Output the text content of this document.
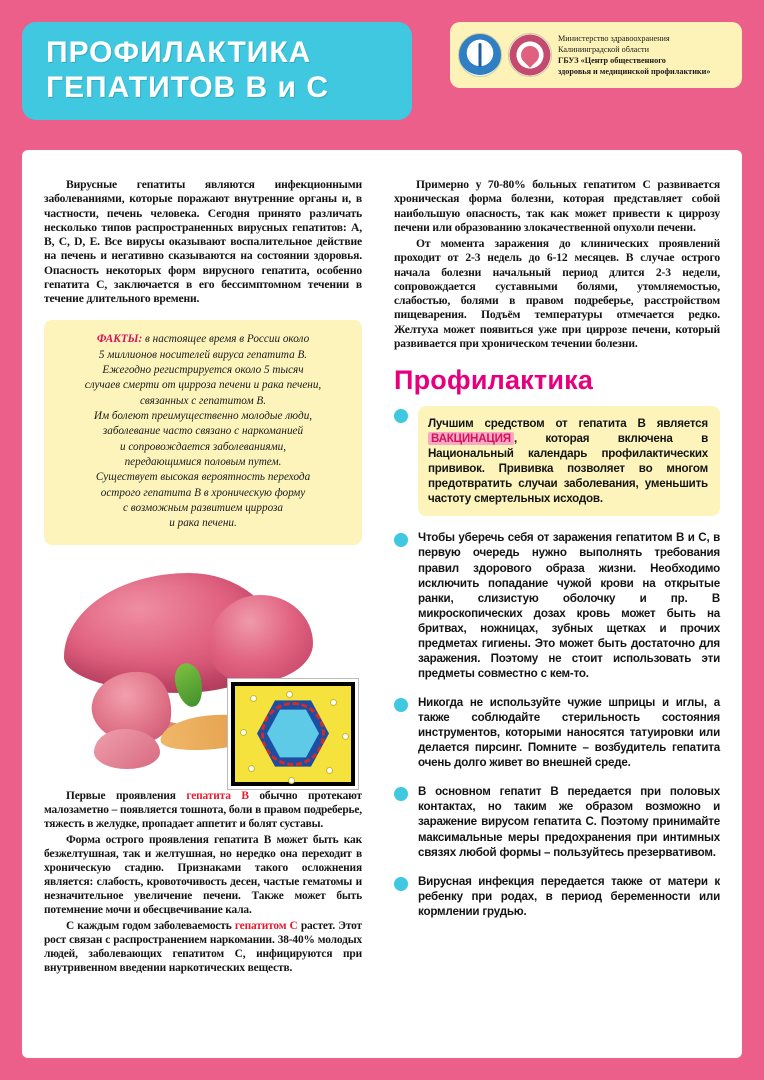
ПРОФИЛАКТИКА
ГЕПАТИТОВ В и С
Министерство здравоохранения
Калининградской области
ГБУЗ «Центр общественного
здоровья и медицинской профилактики»

Вирусные гепатиты являются инфекционными заболеваниями, которые поражают внутренние органы и, в частности, печень человека. Сегодня принято различать несколько типов распространенных вирусных гепатитов: А, В, С, D, Е. Все вирусы оказывают воспалительное действие на печень и негативно сказываются на состоянии здоровья. Опасность некоторых форм вирусного гепатита, особенно гепатита С, заключается в его бессимптомном течении в течение длительного времени.

ФАКТЫ: в настоящее время в России около

5 миллионов носителей вируса гепатита В.

Ежегодно регистрируется около 5 тысяч

случаев смерти от цирроза печени и рака печени,

связанных с гепатитом В.

Им болеют преимущественно молодые люди,

заболевание часто связано с наркоманией

и сопровождается заболеваниями,

передающимися половым путем.

Существует высокая вероятность перехода

острого гепатита В в хроническую форму

с возможным развитием цирроза

и рака печени.

Первые проявления гепатита В обычно протекают малозаметно – появляется тошнота, боли в правом подреберье, тяжесть в желудке, пропадает аппетит и болят суставы.

Форма острого проявления гепатита В может быть как безжелтушная, так и желтушная, но нередко она переходит в хроническую стадию. Признаками такого осложнения является: слабость, кровоточивость десен, частые гематомы и незначительное увеличение печени. Также может быть потемнение мочи и обесцвечивание кала.

С каждым годом заболеваемость гепатитом С растет. Этот рост связан с распространением наркомании. 38-40% молодых людей, заболевающих гепатитом С, инфицируются при внутривенном введении наркотических веществ.

Примерно у 70-80% больных гепатитом С развивается хроническая форма болезни, которая представляет собой наибольшую опасность, так как может привести к циррозу печени или образованию злокачественной опухоли печени.

От момента заражения до клинических проявлений проходит от 2-3 недель до 6-12 месяцев. В случае острого начала болезни начальный период длится 2-3 недели, сопровождается суставными болями, утомляемостью, слабостью, болями в правом подреберье, расстройством пищеварения. Подъём температуры отмечается редко. Желтуха может появиться уже при циррозе печени, который развивается при хроническом течении болезни.

Профилактика
Лучшим средством от гепатита В является ВАКЦИНАЦИЯ , которая включена в Национальный календарь профилактических прививок. Прививка позволяет во многом предотвратить случаи заболевания, уменьшить частоту смертельных исходов.
Чтобы уберечь себя от заражения гепатитом В и С, в первую очередь нужно выполнять требования правил здорового образа жизни. Необходимо исключить попадание чужой крови на открытые ранки, слизистую оболочку и пр. В микроскопических дозах кровь может быть на бритвах, ножницах, зубных щетках и прочих предметах гигиены. Это может быть достаточно для заражения. Поэтому не стоит использовать эти предметы совместно с кем-то.
Никогда не используйте чужие шприцы и иглы, а также соблюдайте стерильность состояния инструментов, которыми наносятся татуировки или делается пирсинг. Помните – возбудитель гепатита очень долго живет во внешней среде.
В основном гепатит В передается при половых контактах, но таким же образом возможно и заражение вирусом гепатита С. Поэтому принимайте максимальные меры предохранения при интимных связях любой формы – пользуйтесь презервативом.
Вирусная инфекция передается также от матери к ребенку при родах, в период беременности или кормлении грудью.
